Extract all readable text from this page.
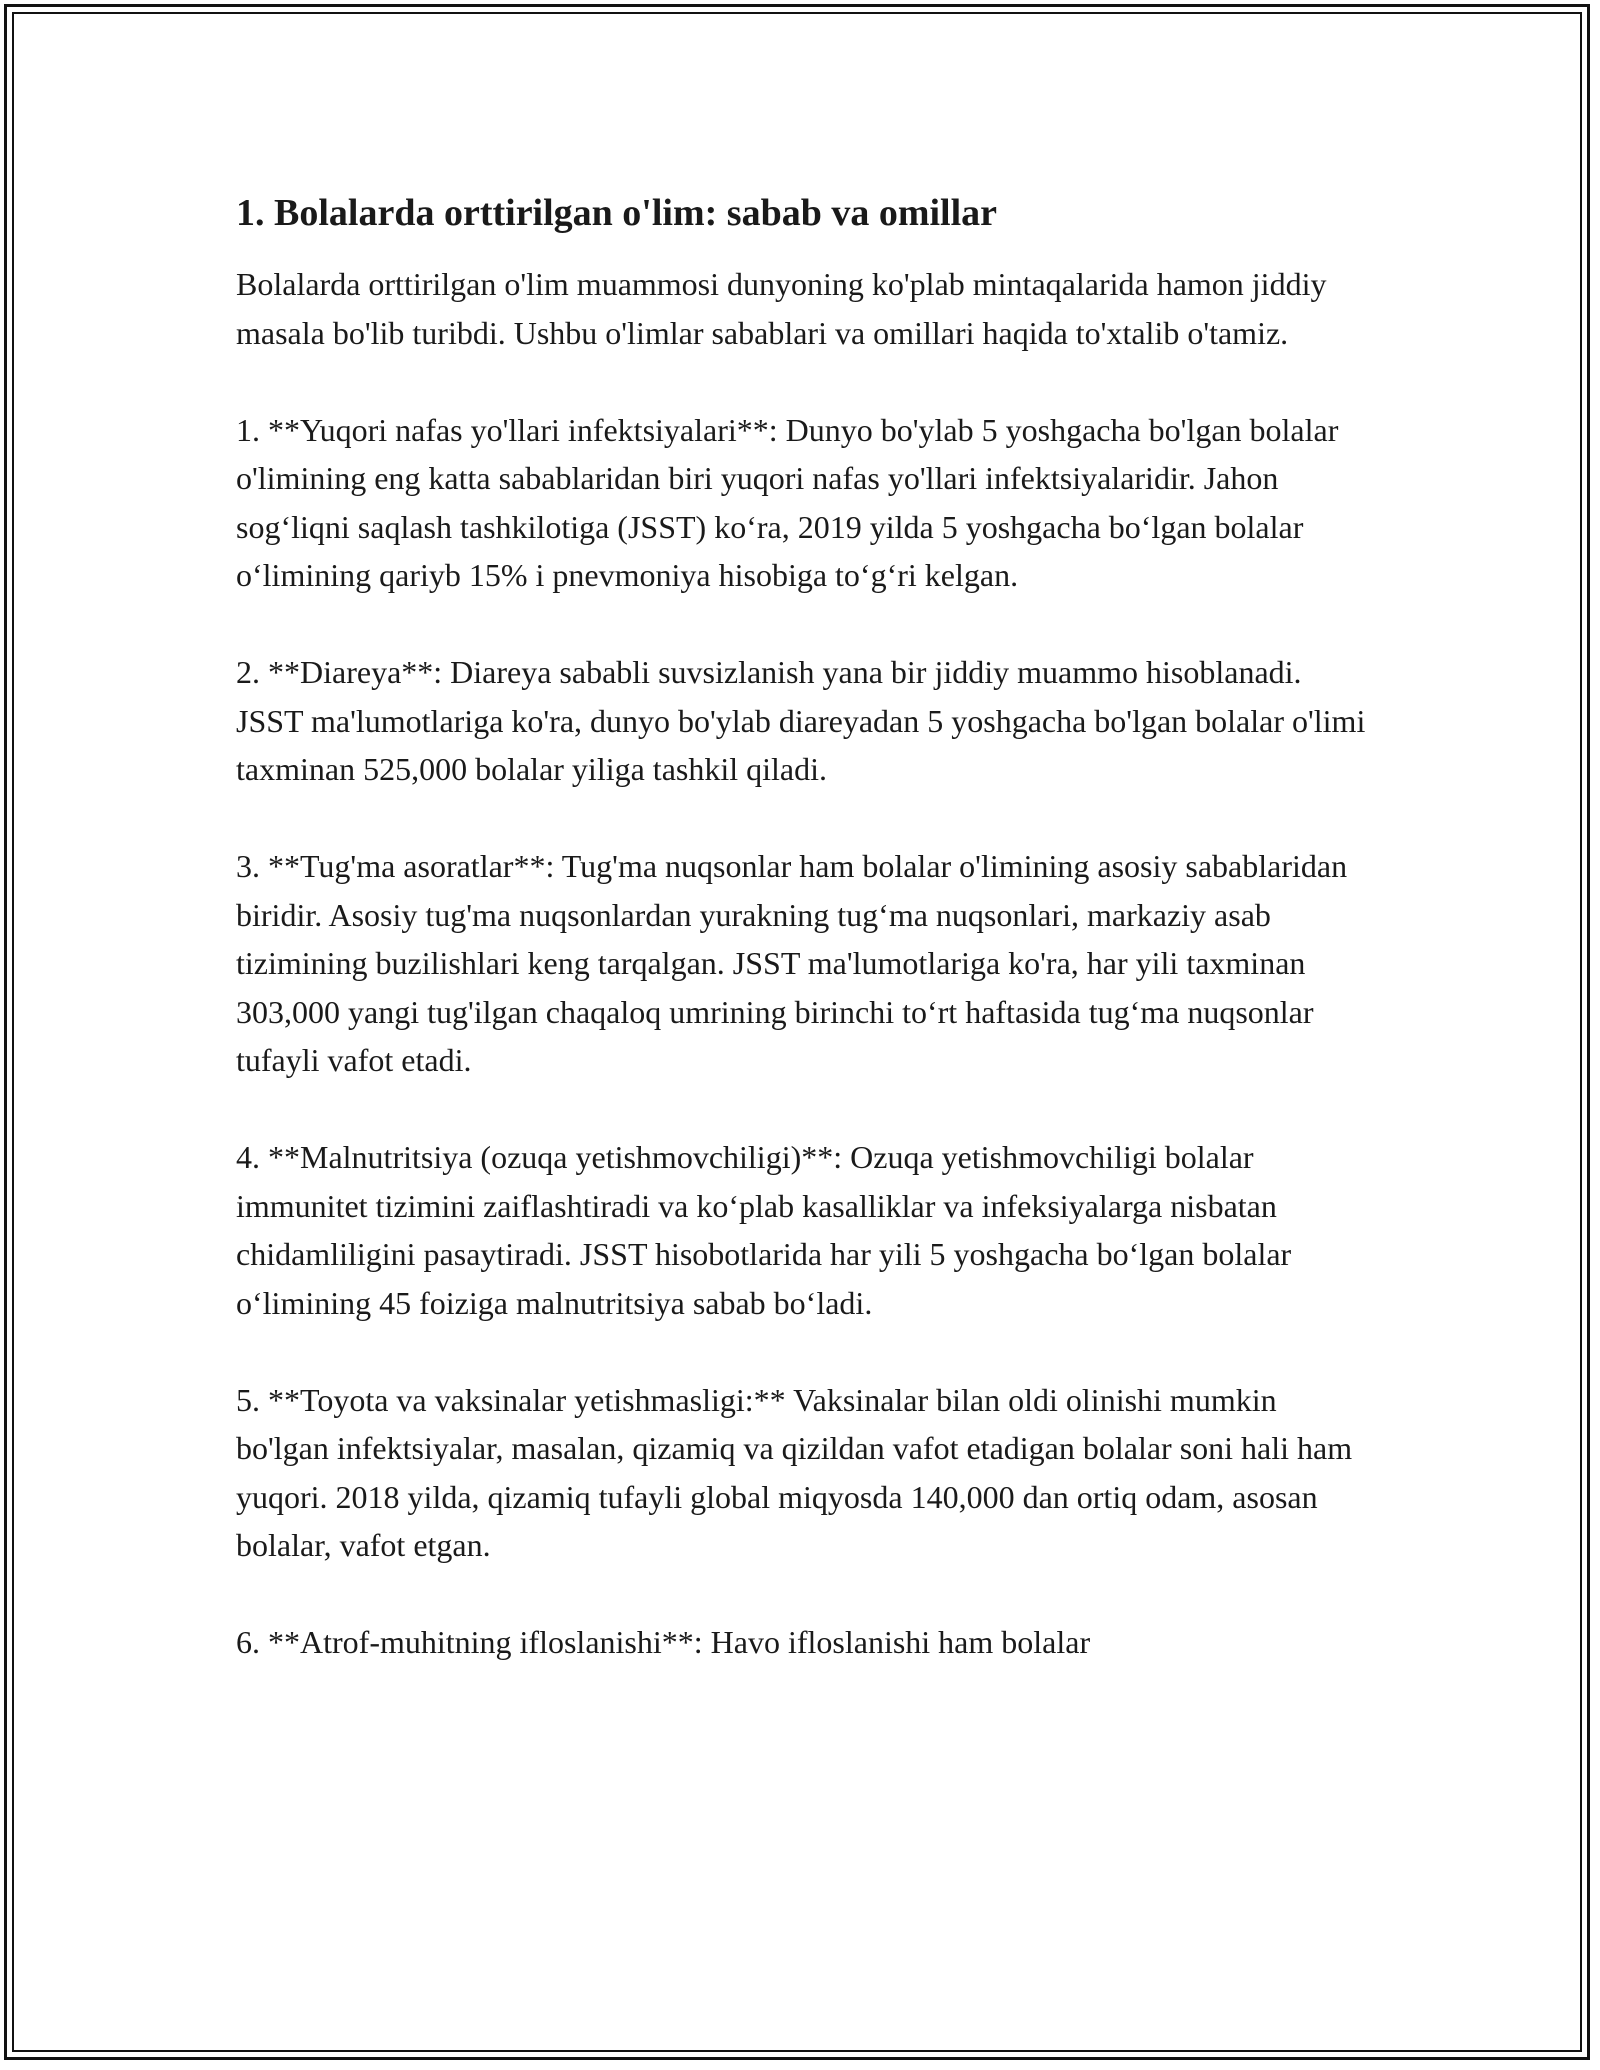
1. Bolalarda orttirilgan o'lim: sabab va omillar

Bolalarda orttirilgan o'lim muammosi dunyoning ko'plab mintaqalarida hamon jiddiy masala bo'lib turibdi. Ushbu o'limlar sabablari va omillari haqida to'xtalib o'tamiz.

1. **Yuqori nafas yo'llari infektsiyalari**: Dunyo bo'ylab 5 yoshgacha bo'lgan bolalar o'limining eng katta sabablaridan biri yuqori nafas yo'llari infektsiyalaridir. Jahon sog‘liqni saqlash tashkilotiga (JSST) ko‘ra, 2019 yilda 5 yoshgacha bo‘lgan bolalar o‘limining qariyb 15% i pnevmoniya hisobiga to‘g‘ri kelgan.

2. **Diareya**: Diareya sababli suvsizlanish yana bir jiddiy muammo hisoblanadi. JSST ma'lumotlariga ko'ra, dunyo bo'ylab diareyadan 5 yoshgacha bo'lgan bolalar o'limi taxminan 525,000 bolalar yiliga tashkil qiladi.

3. **Tug'ma asoratlar**: Tug'ma nuqsonlar ham bolalar o'limining asosiy sabablaridan biridir. Asosiy tug'ma nuqsonlardan yurakning tug‘ma nuqsonlari, markaziy asab tizimining buzilishlari keng tarqalgan. JSST ma'lumotlariga ko'ra, har yili taxminan 303,000 yangi tug'ilgan chaqaloq umrining birinchi to‘rt haftasida tug‘ma nuqsonlar tufayli vafot etadi.

4. **Malnutritsiya (ozuqa yetishmovchiligi)**: Ozuqa yetishmovchiligi bolalar immunitet tizimini zaiflashtiradi va ko‘plab kasalliklar va infeksiyalarga nisbatan chidamliligini pasaytiradi. JSST hisobotlarida har yili 5 yoshgacha bo‘lgan bolalar o‘limining 45 foiziga malnutritsiya sabab bo‘ladi.

5. **Toyota va vaksinalar yetishmasligi:** Vaksinalar bilan oldi olinishi mumkin bo'lgan infektsiyalar, masalan, qizamiq va qizildan vafot etadigan bolalar soni hali ham yuqori. 2018 yilda, qizamiq tufayli global miqyosda 140,000 dan ortiq odam, asosan bolalar, vafot etgan.

6. **Atrof-muhitning ifloslanishi**: Havo ifloslanishi ham bolalar
